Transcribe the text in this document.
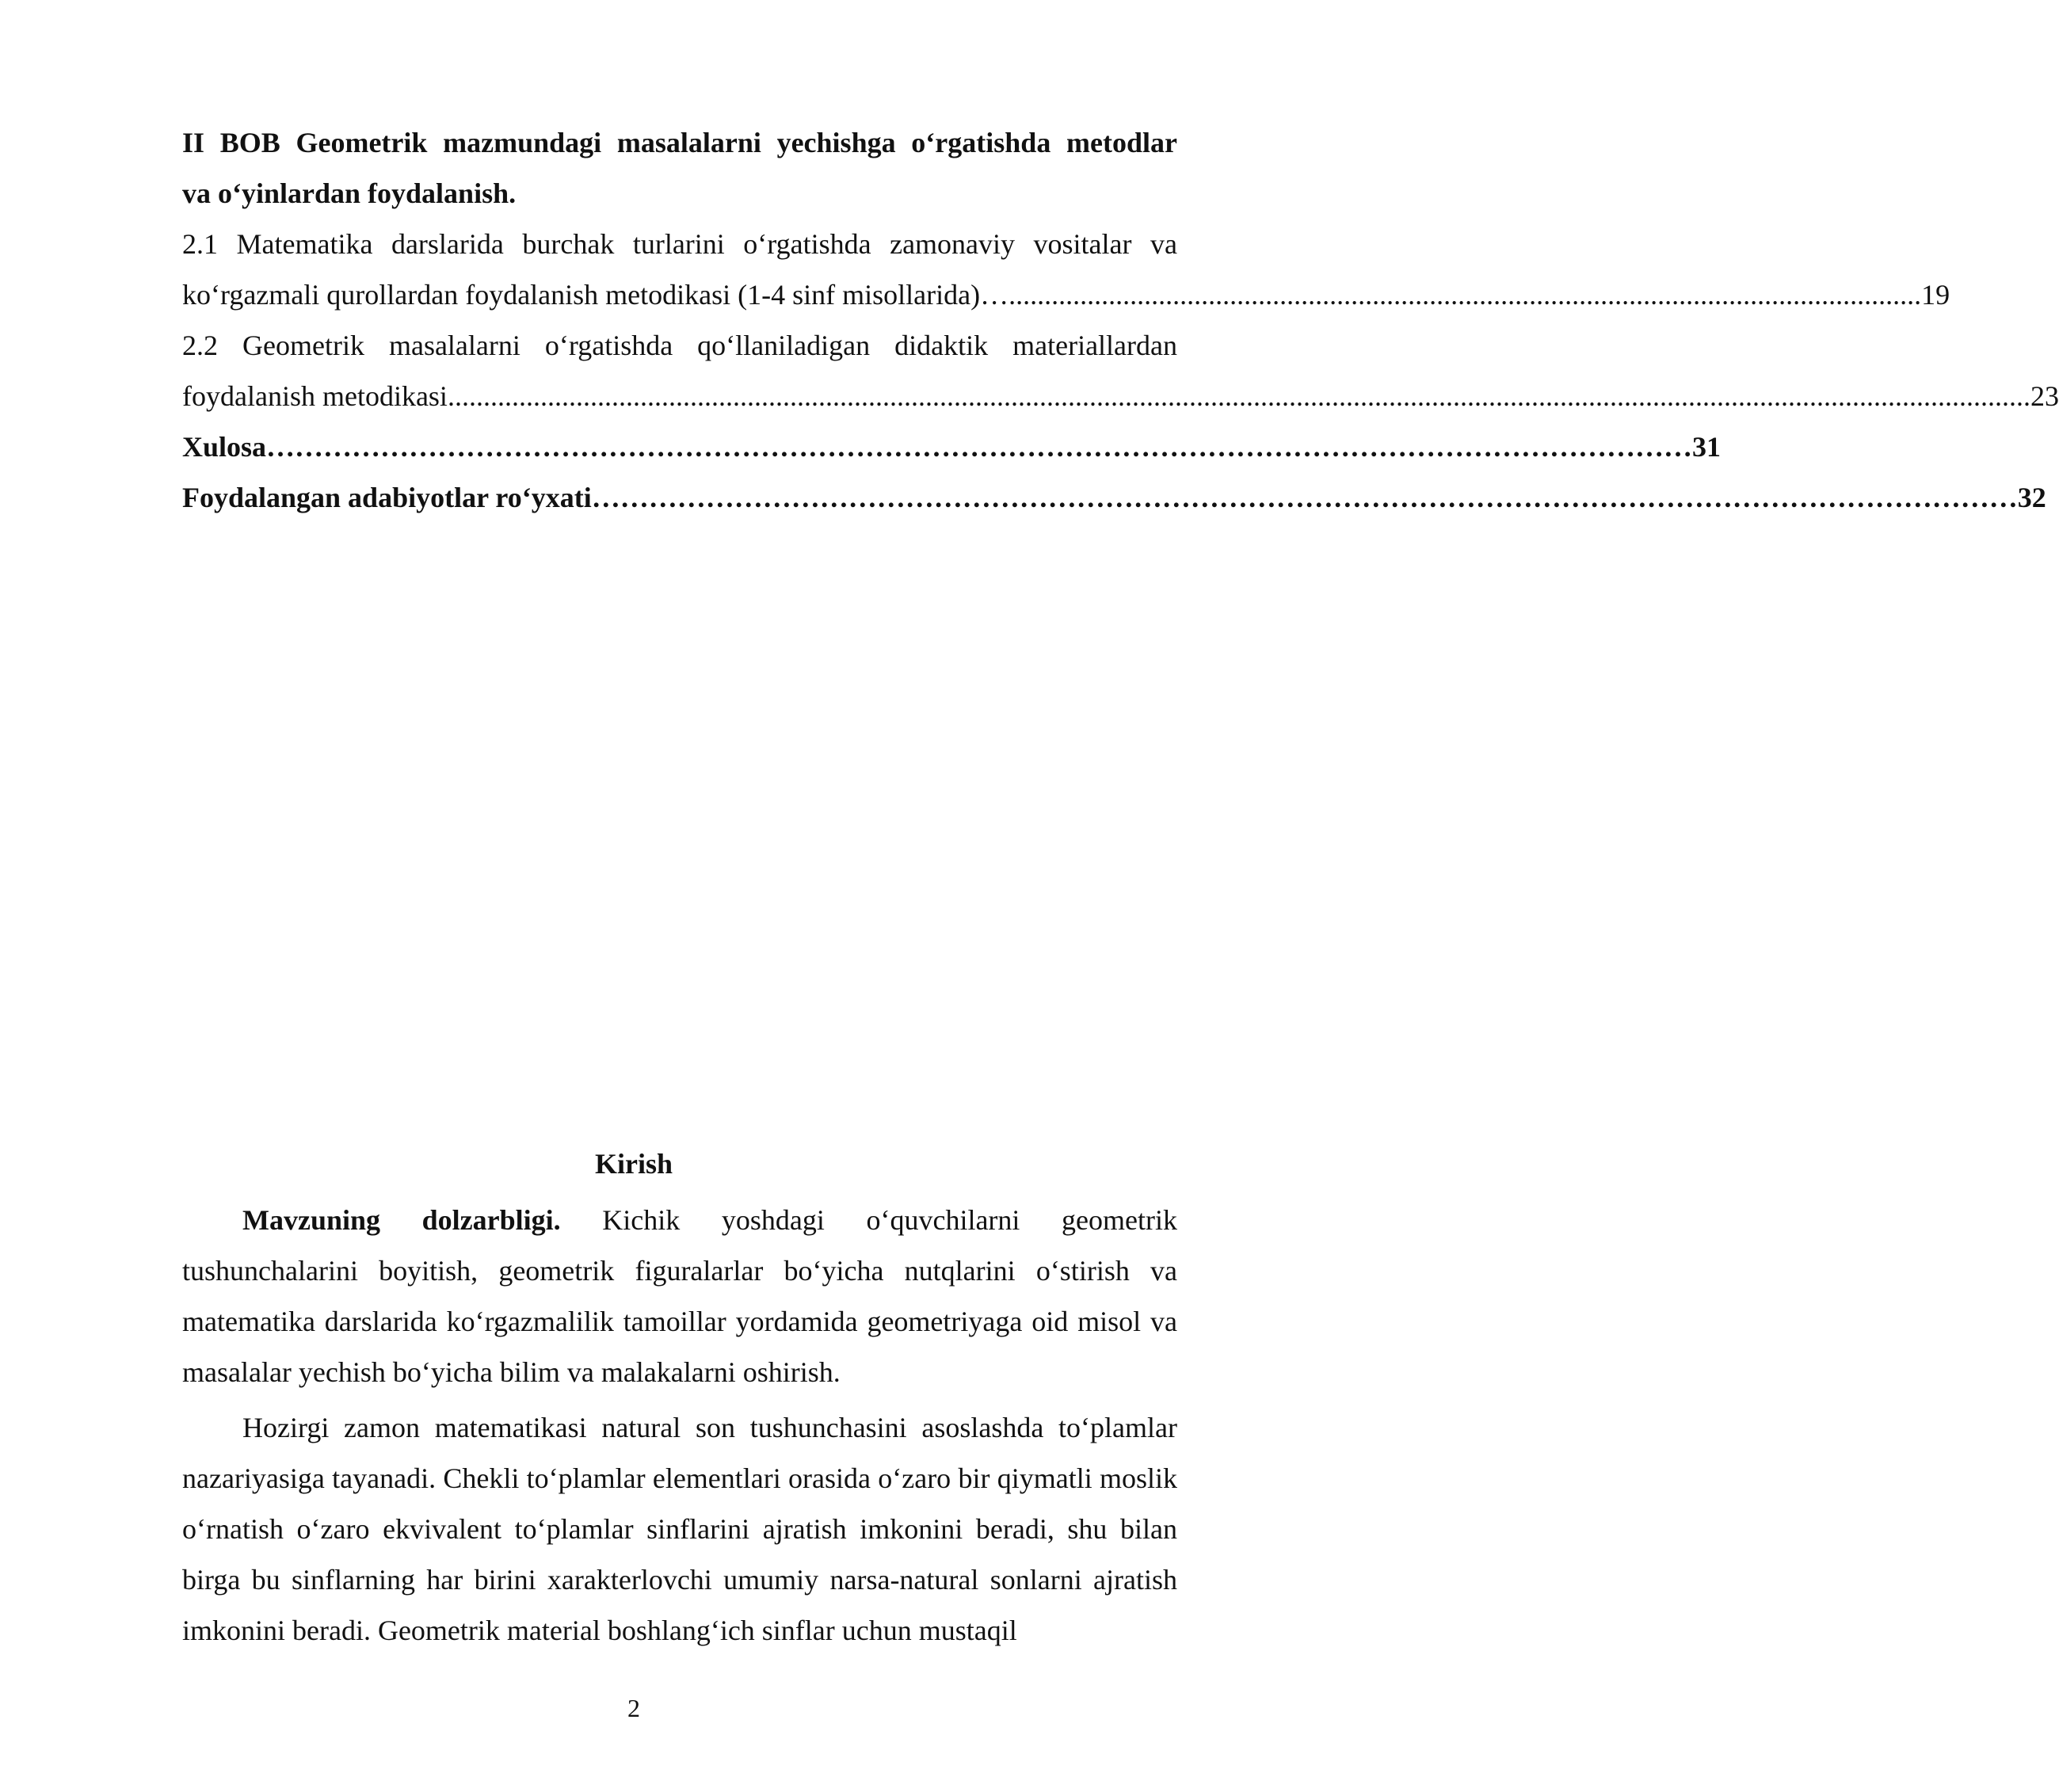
II BOB Geometrik mazmundagi masalalarni yechishga o‘rgatishda metodlar
va o‘yinlardan foydalanish.
2.1 Matematika darslarida burchak turlarini o‘rgatishda zamonaviy vositalar va
ko‘rgazmali qurollardan foydalanish metodikasi (1-4 sinf misollarida)… ................................................................................................................................ 19
2.2 Geometrik masalalarni o‘rgatishda qo‘llaniladigan didaktik materiallardan
foydalanish metodikasi .............................................................................................................................................................................................................................. 23
Xulosa …………………………………………………………………………………………………………………………………… 31
Foydalangan adabiyotlar ro‘yxati …………………………………………………………………………………………………………………………………… 32
Kirish

Mavzuning dolzarbligi. Kichik yoshdagi o‘quvchilarni geometrik tushunchalarini boyitish, geometrik figuralarlar bo‘yicha nutqlarini o‘stirish va matematika darslarida ko‘rgazmalilik tamoillar yordamida geometriyaga oid misol va masalalar yechish bo‘yicha bilim va malakalarni oshirish.

Hozirgi zamon matematikasi natural son tushunchasini asoslashda to‘plamlar nazariyasiga tayanadi. Chekli to‘plamlar elementlari orasida o‘zaro bir qiymatli moslik o‘rnatish o‘zaro ekvivalent to‘plamlar sinflarini ajratish imkonini beradi, shu bilan birga bu sinflarning har birini xarakterlovchi umumiy narsa-natural sonlarni ajratish imkonini beradi. Geometrik material boshlang‘ich sinflar uchun mustaqil

2
